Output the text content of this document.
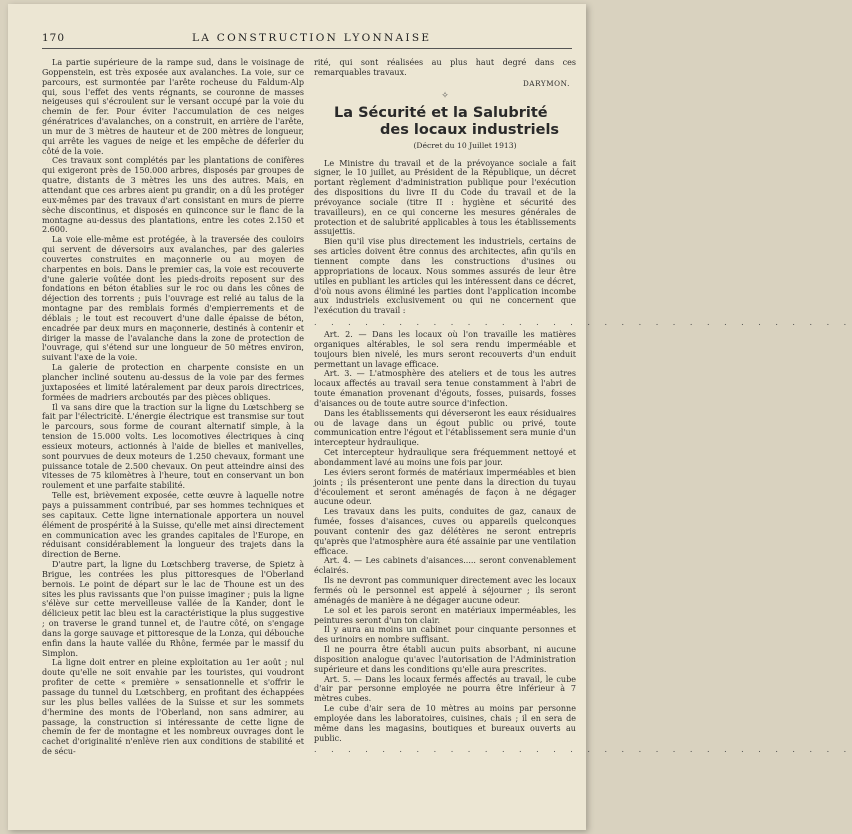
170	LA CONSTRUCTION LYONNAISE

La partie supérieure de la rampe sud, dans le voisinage de Goppenstein, est très exposée aux avalanches. La voie, sur ce parcours, est surmontée par l'arête rocheuse du Faldum-Alp qui, sous l'effet des vents régnants, se couronne de masses neigeuses qui s'écroulent sur le versant occupé par la voie du chemin de fer. Pour éviter l'accumulation de ces neiges génératrices d'avalanches, on a construit, en arrière de l'arête, un mur de 3 mètres de hauteur et de 200 mètres de longueur, qui arrête les vagues de neige et les empêche de déferler du côté de la voie.

Ces travaux sont complétés par les plantations de conifères qui exigeront près de 150.000 arbres, disposés par groupes de quatre, distants de 3 mètres les uns des autres. Mais, en attendant que ces arbres aient pu grandir, on a dû les protéger eux-mêmes par des travaux d'art consistant en murs de pierre sèche discontinus, et disposés en quinconce sur le flanc de la montagne au-dessus des plantations, entre les cotes 2.150 et 2.600.

La voie elle-même est protégée, à la traversée des couloirs qui servent de déversoirs aux avalanches, par des galeries couvertes construites en maçonnerie ou au moyen de charpentes en bois. Dans le premier cas, la voie est recouverte d'une galerie voûtée dont les pieds-droits reposent sur des fondations en béton établies sur le roc ou dans les cônes de déjection des torrents ; puis l'ouvrage est relié au talus de la montagne par des remblais formés d'empierrements et de déblais ; le tout est recouvert d'une dalle épaisse de béton, encadrée par deux murs en maçonnerie, destinés à contenir et diriger la masse de l'avalanche dans la zone de protection de l'ouvrage, qui s'étend sur une longueur de 50 mètres environ, suivant l'axe de la voie.

La galerie de protection en charpente consiste en un plancher incliné soutenu au-dessus de la voie par des fermes juxtaposées et limité latéralement par deux parois directrices, formées de madriers arcboutés par des pièces obliques.

Il va sans dire que la traction sur la ligne du Lœtschberg se fait par l'électricité. L'énergie électrique est transmise sur tout le parcours, sous forme de courant alternatif simple, à la tension de 15.000 volts. Les locomotives électriques à cinq essieux moteurs, actionnés à l'aide de bielles et manivelles, sont pourvues de deux moteurs de 1.250 chevaux, formant une puissance totale de 2.500 chevaux. On peut atteindre ainsi des vitesses de 75 kilomètres à l'heure, tout en conservant un bon roulement et une parfaite stabilité.

Telle est, brièvement exposée, cette œuvre à laquelle notre pays a puissamment contribué, par ses hommes techniques et ses capitaux. Cette ligne internationale apportera un nouvel élément de prospérité à la Suisse, qu'elle met ainsi directement en communication avec les grandes capitales de l'Europe, en réduisant considérablement la longueur des trajets dans la direction de Berne.

D'autre part, la ligne du Lœtschberg traverse, de Spietz à Brigue, les contrées les plus pittoresques de l'Oberland bernois. Le point de départ sur le lac de Thoune est un des sites les plus ravissants que l'on puisse imaginer ; puis la ligne s'élève sur cette merveilleuse vallée de la Kander, dont le délicieux petit lac bleu est la caractéristique la plus suggestive ; on traverse le grand tunnel et, de l'autre côté, on s'engage dans la gorge sauvage et pittoresque de la Lonza, qui débouche enfin dans la haute vallée du Rhône, fermée par le massif du Simplon.

La ligne doit entrer en pleine exploitation au 1er août ; nul doute qu'elle ne soit envahie par les touristes, qui voudront profiter de cette « première » sensationnelle et s'offrir le passage du tunnel du Lœtschberg, en profitant des échappées sur les plus belles vallées de la Suisse et sur les sommets d'hermine des monts de l'Oberland, non sans admirer, au passage, la construction si intéressante de cette ligne de chemin de fer de montagne et les nombreux ouvrages dont le cachet d'originalité n'enlève rien aux conditions de stabilité et de sécu-

rité, qui sont réalisées au plus haut degré dans ces remarquables travaux.

DARYMON.

✧
La Sécurité et la Salubrité
des locaux industriels
(Décret du 10 Juillet 1913)

Le Ministre du travail et de la prévoyance sociale a fait signer, le 10 juillet, au Président de la République, un décret portant règlement d'administration publique pour l'exécution des dispositions du livre II du Code du travail et de la prévoyance sociale (titre II : hygiène et sécurité des travailleurs), en ce qui concerne les mesures générales de protection et de salubrité applicables à tous les établissements assujettis.

Bien qu'il vise plus directement les industriels, certains de ses articles doivent être connus des architectes, afin qu'ils en tiennent compte dans les constructions d'usines ou appropriations de locaux. Nous sommes assurés de leur être utiles en publiant les articles qui les intéressent dans ce décret, d'où nous avons éliminé les parties dont l'application incombe aux industriels exclusivement ou qui ne concernent que l'exécution du travail :

. . . . . . . . . . . . . . . . . . . . . . . . . . . . . . . .

Art. 2. — Dans les locaux où l'on travaille les matières organiques altérables, le sol sera rendu imperméable et toujours bien nivelé, les murs seront recouverts d'un enduit permettant un lavage efficace.

Art. 3. — L'atmosphère des ateliers et de tous les autres locaux affectés au travail sera tenue constamment à l'abri de toute émanation provenant d'égouts, fosses, puisards, fosses d'aisances ou de toute autre source d'infection.

Dans les établissements qui déverseront les eaux résiduaires ou de lavage dans un égout public ou privé, toute communication entre l'égout et l'établissement sera munie d'un intercepteur hydraulique.

Cet intercepteur hydraulique sera fréquemment nettoyé et abondamment lavé au moins une fois par jour.

Les éviers seront formés de matériaux imperméables et bien joints ; ils présenteront une pente dans la direction du tuyau d'écoulement et seront aménagés de façon à ne dégager aucune odeur.

Les travaux dans les puits, conduites de gaz, canaux de fumée, fosses d'aisances, cuves ou appareils quelconques pouvant contenir des gaz délétères ne seront entrepris qu'après que l'atmosphère aura été assainie par une ventilation efficace.

Art. 4. — Les cabinets d'aisances..... seront convenablement éclairés.

Ils ne devront pas communiquer directement avec les locaux fermés où le personnel est appelé à séjourner ; ils seront aménagés de manière à ne dégager aucune odeur.

Le sol et les parois seront en matériaux imperméables, les peintures seront d'un ton clair.

Il y aura au moins un cabinet pour cinquante personnes et des urinoirs en nombre suffisant.

Il ne pourra être établi aucun puits absorbant, ni aucune disposition analogue qu'avec l'autorisation de l'Administration supérieure et dans les conditions qu'elle aura prescrites.

Art. 5. — Dans les locaux fermés affectés au travail, le cube d'air par personne employée ne pourra être inférieur à 7 mètres cubes.

Le cube d'air sera de 10 mètres au moins par personne employée dans les laboratoires, cuisines, chais ; il en sera de même dans les magasins, boutiques et bureaux ouverts au public.

. . . . . . . . . . . . . . . . . . . . . . . . . . . . . . . .
